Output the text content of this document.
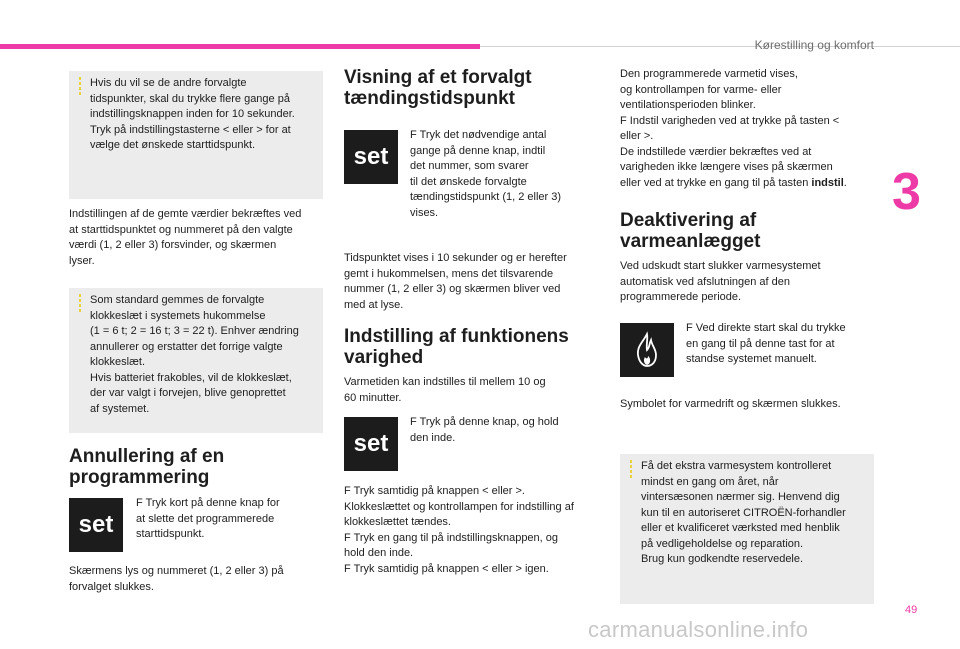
Kørestilling og komfort
3
Hvis du vil se de andre forvalgte
tidspunkter, skal du trykke flere gange på
indstillingsknappen inden for 10 sekunder.
Tryk på indstillingstasterne < eller > for at
vælge det ønskede starttidspunkt.

Indstillingen af de gemte værdier bekræftes ved
at starttidspunktet og nummeret på den valgte
værdi (1, 2 eller 3) forsvinder, og skærmen
lyser.

Som standard gemmes de forvalgte
klokkeslæt i systemets hukommelse
(1 = 6 t; 2 = 16 t; 3 = 22 t). Enhver ændring
annullerer og erstatter det forrige valgte
klokkeslæt.
Hvis batteriet frakobles, vil de klokkeslæt,
der var valgt i forvejen, blive genoprettet
af systemet.
Annullering af en
programmering
set
F Tryk kort på denne knap for
at slette det programmerede
starttidspunkt.

Skærmens lys og nummeret (1, 2 eller 3) på
forvalget slukkes.

Visning af et forvalgt
tændingstidspunkt
set
F Tryk det nødvendige antal
gange på denne knap, indtil
det nummer, som svarer
til det ønskede forvalgte
tændingstidspunkt (1, 2 eller 3)
vises.

Tidspunktet vises i 10 sekunder og er herefter
gemt i hukommelsen, mens det tilsvarende
nummer (1, 2 eller 3) og skærmen bliver ved
med at lyse.

Indstilling af funktionens
varighed

Varmetiden kan indstilles til mellem 10 og
60 minutter.

set
F Tryk på denne knap, og hold
den inde.

F Tryk samtidig på knappen < eller >.
Klokkeslættet og kontrollampen for indstilling af
klokkeslættet tændes.
F Tryk en gang til på indstillingsknappen, og
hold den inde.
F Tryk samtidig på knappen < eller > igen.

Den programmerede varmetid vises,
og kontrollampen for varme- eller
ventilationsperioden blinker.
F Indstil varigheden ved at trykke på tasten <
eller >.
De indstillede værdier bekræftes ved at
varigheden ikke længere vises på skærmen
eller ved at trykke en gang til på tasten indstil.

Deaktivering af
varmeanlægget

Ved udskudt start slukker varmesystemet
automatisk ved afslutningen af den
programmerede periode.

F Ved direkte start skal du trykke
en gang til på denne tast for at
standse systemet manuelt.

Symbolet for varmedrift og skærmen slukkes.

Få det ekstra varmesystem kontrolleret
mindst en gang om året, når
vintersæsonen nærmer sig. Henvend dig
kun til en autoriseret CITROËN-forhandler
eller et kvalificeret værksted med henblik
på vedligeholdelse og reparation.
Brug kun godkendte reservedele.
49
carmanualsonline.info
